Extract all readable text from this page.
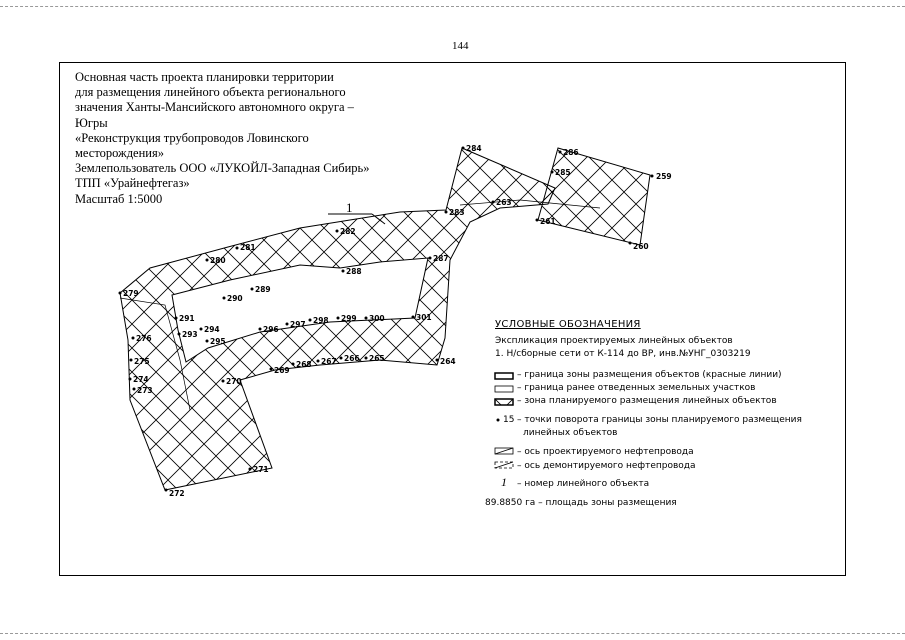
144
Основная часть проекта планировки территории
для размещения линейного объекта регионального
значения Ханты-Мансийского автономного округа –
Югры
«Реконструкция трубопроводов Ловинского
месторождения»
Землепользователь ООО «ЛУКОЙЛ-Западная Сибирь»
ТПП «Урайнефтегаз»
Масштаб 1:5000
1
284	286
285	259
263
283
261
260
282
281
280	287
288
289
279
290
291	301
298 299 300
297
296
294
293
276	295
275	264
266 265
267
268
269
274	270
273
271
272
УСЛОВНЫЕ ОБОЗНАЧЕНИЯ
Экспликация проектируемых линейных объектов
1. Н/сборные сети от К-114 до ВР, инв.№УНГ_0303219
– граница зоны размещения объектов (красные линии)
– граница ранее отведенных земельных участков
– зона планируемого размещения линейных объектов
15 – точки поворота границы зоны планируемого размещения
линейных объектов
– ось проектируемого нефтепровода
– ось демонтируемого нефтепровода
1 – номер линейного объекта
89.8850 га – площадь зоны размещения
